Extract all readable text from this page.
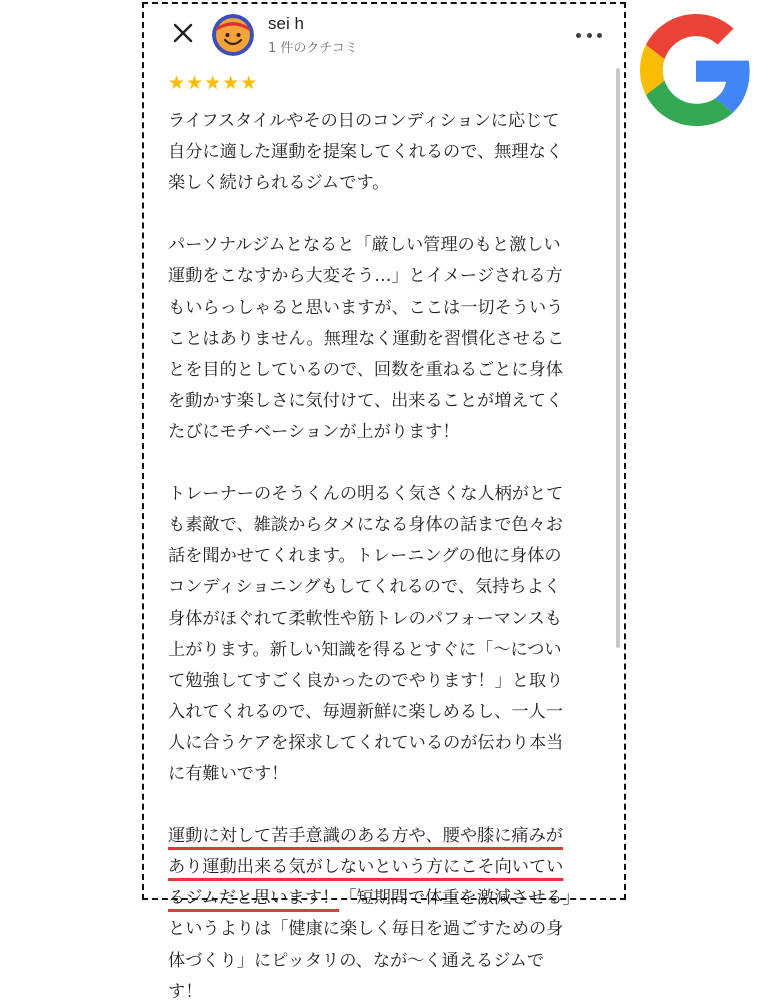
sei h
1 件のクチコミ
★ ★ ★ ★ ★

ライフスタイルやその日のコンディションに応じて
自分に適した運動を提案してくれるので、無理なく
楽しく続けられるジムです。

パーソナルジムとなると「厳しい管理のもと激しい
運動をこなすから大変そう…」とイメージされる方
もいらっしゃると思いますが、ここは一切そういう
ことはありません。無理なく運動を習慣化させるこ
とを目的としているので、回数を重ねるごとに身体
を動かす楽しさに気付けて、出来ることが増えてく
たびにモチベーションが上がります！

トレーナーのそうくんの明るく気さくな人柄がとて
も素敵で、雑談からタメになる身体の話まで色々お
話を聞かせてくれます。トレーニングの他に身体の
コンディショニングもしてくれるので、気持ちよく
身体がほぐれて柔軟性や筋トレのパフォーマンスも
上がります。新しい知識を得るとすぐに「〜につい
て勉強してすごく良かったのでやります！」と取り
入れてくれるので、毎週新鮮に楽しめるし、一人一
人に合うケアを探求してくれているのが伝わり本当
に有難いです！

運動に対して苦手意識のある方や、腰や膝に痛みが
あり運動出来る気がしないという方にこそ向いてい
るジムだと思います！「短期間で体重を激減させる」
というよりは「健康に楽しく毎日を過ごすための身
体づくり」にピッタリの、なが〜く通えるジムで
す！
